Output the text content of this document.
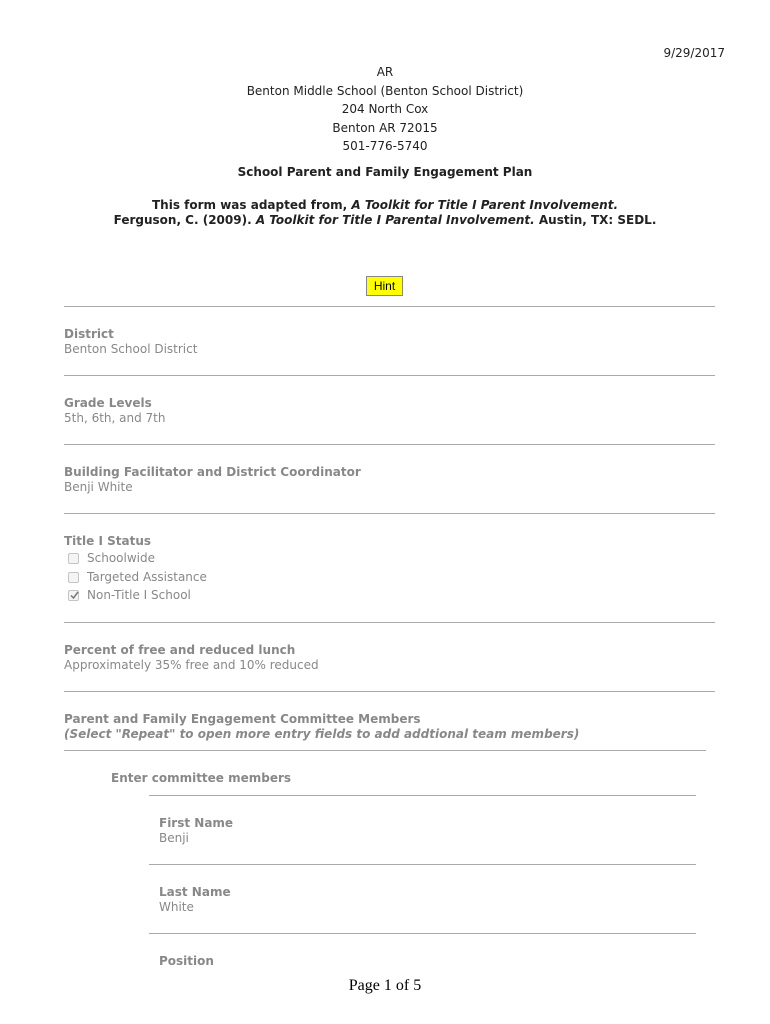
9/29/2017
AR
Benton Middle School (Benton School District)
204 North Cox
Benton AR 72015
501-776-5740
School Parent and Family Engagement Plan
This form was adapted from, A Toolkit for Title I Parent Involvement.
Ferguson, C. (2009). A Toolkit for Title I Parental Involvement. Austin, TX: SEDL.
Hint
District
Benton School District
Grade Levels
5th, 6th, and 7th
Building Facilitator and District Coordinator
Benji White
Title I Status
Schoolwide
Targeted Assistance
Non-Title I School
Percent of free and reduced lunch
Approximately 35% free and 10% reduced
Parent and Family Engagement Committee Members
(Select "Repeat" to open more entry fields to add addtional team members)
Enter committee members
First Name
Benji
Last Name
White
Position
Page 1 of 5
